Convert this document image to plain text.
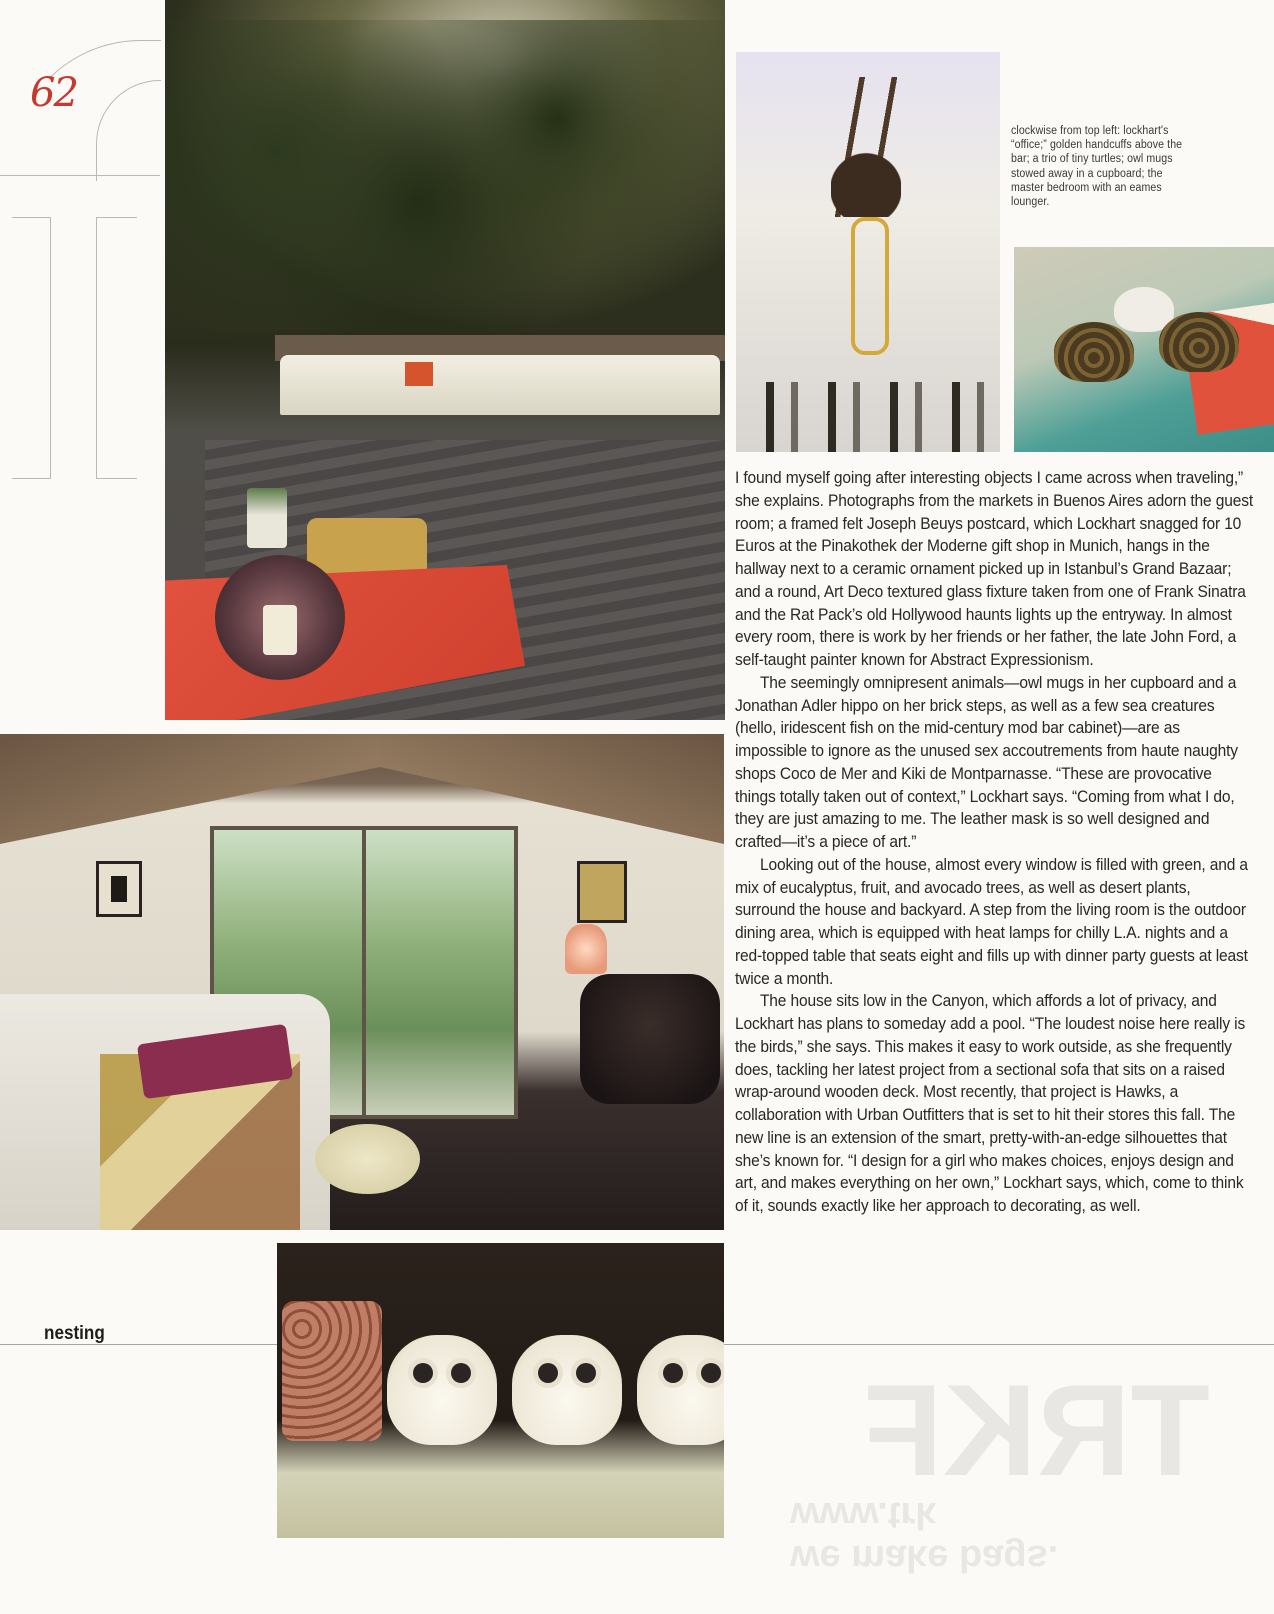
62
clockwise from top left: lockhart's “office;” golden handcuffs above the bar; a trio of tiny turtles; owl mugs stowed away in a cupboard; the master bedroom with an eames lounger.

I found myself going after interesting objects I came across when traveling,” she explains. Photographs from the markets in Buenos Aires adorn the guest room; a framed felt Joseph Beuys postcard, which Lockhart snagged for 10 Euros at the Pinakothek der Moderne gift shop in Munich, hangs in the hallway next to a ceramic ornament picked up in Istanbul’s Grand Bazaar; and a round, Art Deco textured glass fixture taken from one of Frank Sinatra and the Rat Pack’s old Hollywood haunts lights up the entryway. In almost every room, there is work by her friends or her father, the late John Ford, a self-taught painter known for Abstract Expressionism.

The seemingly omnipresent animals—owl mugs in her cupboard and a Jonathan Adler hippo on her brick steps, as well as a few sea creatures (hello, iridescent fish on the mid-century mod bar cabinet)—are as impossible to ignore as the unused sex accoutrements from haute naughty shops Coco de Mer and Kiki de Montparnasse. “These are provocative things totally taken out of context,” Lockhart says. “Coming from what I do, they are just amazing to me. The leather mask is so well designed and crafted—it’s a piece of art.”

Looking out of the house, almost every window is filled with green, and a mix of eucalyptus, fruit, and avocado trees, as well as desert plants, surround the house and backyard. A step from the living room is the outdoor dining area, which is equipped with heat lamps for chilly L.A. nights and a red-topped table that seats eight and fills up with dinner party guests at least twice a month.

The house sits low in the Canyon, which affords a lot of privacy, and Lockhart has plans to someday add a pool. “The loudest noise here really is the birds,” she says. This makes it easy to work outside, as she frequently does, tackling her latest project from a sectional sofa that sits on a raised wrap-around wooden deck. Most recently, that project is Hawks, a collaboration with Urban Outfitters that is set to hit their stores this fall. The new line is an extension of the smart, pretty-with-an-edge silhouettes that she’s known for. “I design for a girl who makes choices, enjoys design and art, and makes everything on her own,” Lockhart says, which, come to think of it, sounds exactly like her approach to decorating, as well.

nesting
TRKF
we make bags. www.trk
